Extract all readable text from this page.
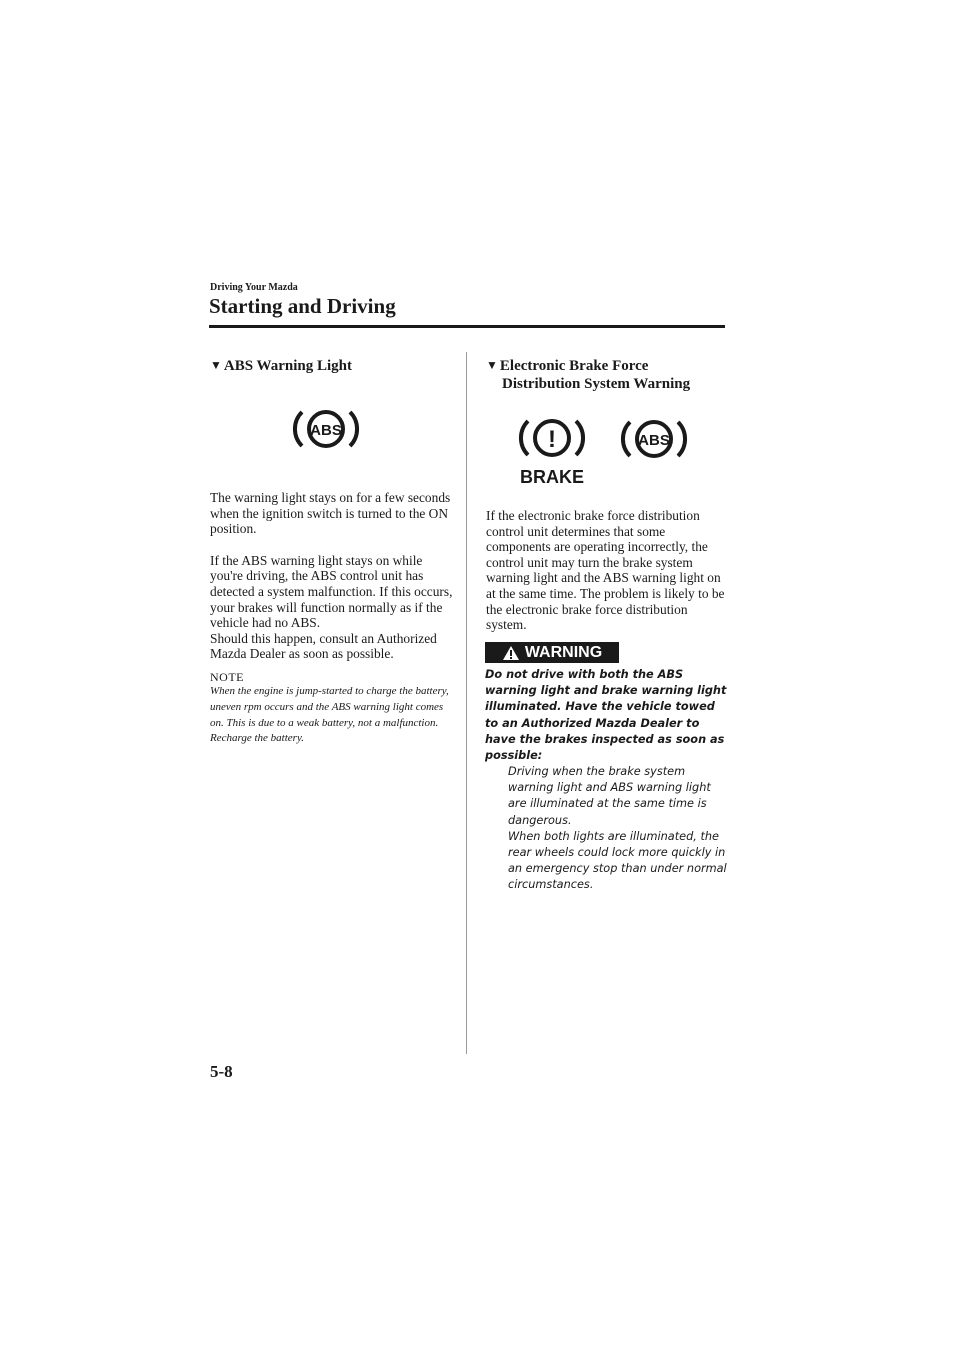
Driving Your Mazda
Starting and Driving
▼ ABS Warning Light
ABS

The warning light stays on for a few seconds when the ignition switch is turned to the ON position.

If the ABS warning light stays on while you're driving, the ABS control unit has detected a system malfunction. If this occurs, your brakes will function normally as if the vehicle had no ABS.
Should this happen, consult an Authorized Mazda Dealer as soon as possible.

NOTE
When the engine is jump-started to charge the battery, uneven rpm occurs and the ABS warning light comes on. This is due to a weak battery, not a malfunction.
Recharge the battery.
▼ Electronic Brake Force
Distribution System Warning
!
BRAKE
ABS
If the electronic brake force distribution control unit determines that some components are operating incorrectly, the control unit may turn the brake system warning light and the ABS warning light on at the same time. The problem is likely to be the electronic brake force distribution system.
WARNING
Do not drive with both the ABS warning light and brake warning light illuminated. Have the vehicle towed to an Authorized Mazda Dealer to have the brakes inspected as soon as possible:
Driving when the brake system warning light and ABS warning light are illuminated at the same time is dangerous.
When both lights are illuminated, the rear wheels could lock more quickly in an emergency stop than under normal circumstances.
5-8
